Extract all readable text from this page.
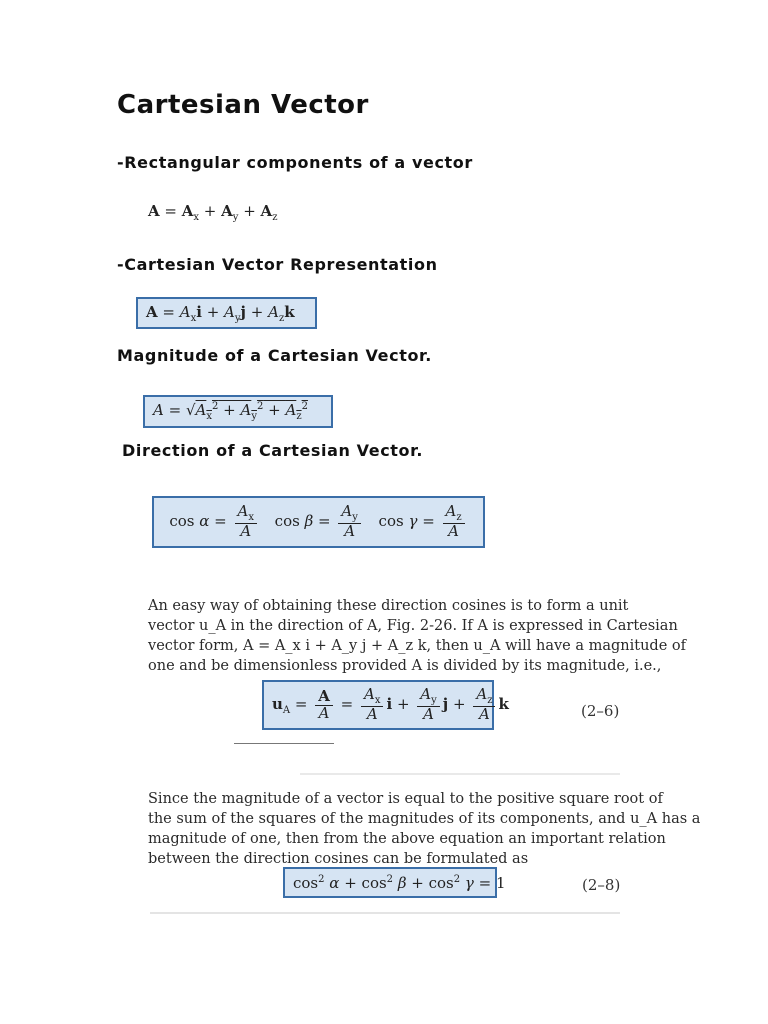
Cartesian Vector
-Rectangular components of a vector
$A = A_x + A_y + A_z$
-Cartesian Vector Representation
$A = A_xi + A_yj + A_zk$
Magnitude of a Cartesian Vector.
$A = √A_x^2 + A_y^2 + A_z^2$
Direction of a Cartesian Vector.
$\cos \alpha = \frac{A_x}{A}$ $\cos \beta = \frac{A_y}{A}$ $\cos \gamma = \frac{A_z}{A}$
An easy way of obtaining these direction cosines is to form a unit
vector u_A in the direction of A, Fig. 2-26. If A is expressed in Cartesian
vector form, A = A_x i + A_y j + A_z k, then u_A will have a magnitude of
one and be dimensionless provided A is divided by its magnitude, i.e.,
$u_A = \frac{A}{A} = \frac{A_x}{A}$ $i + \frac{A_y}{A}$ $j + \frac{A_z}{A}$ k	(2–6)
Since the magnitude of a vector is equal to the positive square root of
the sum of the squares of the magnitudes of its components, and u_A has a
magnitude of one, then from the above equation an important relation
between the direction cosines can be formulated as
$\cos^2 \alpha + \cos^2 \beta + \cos^2 \gamma = 1$	(2–8)
